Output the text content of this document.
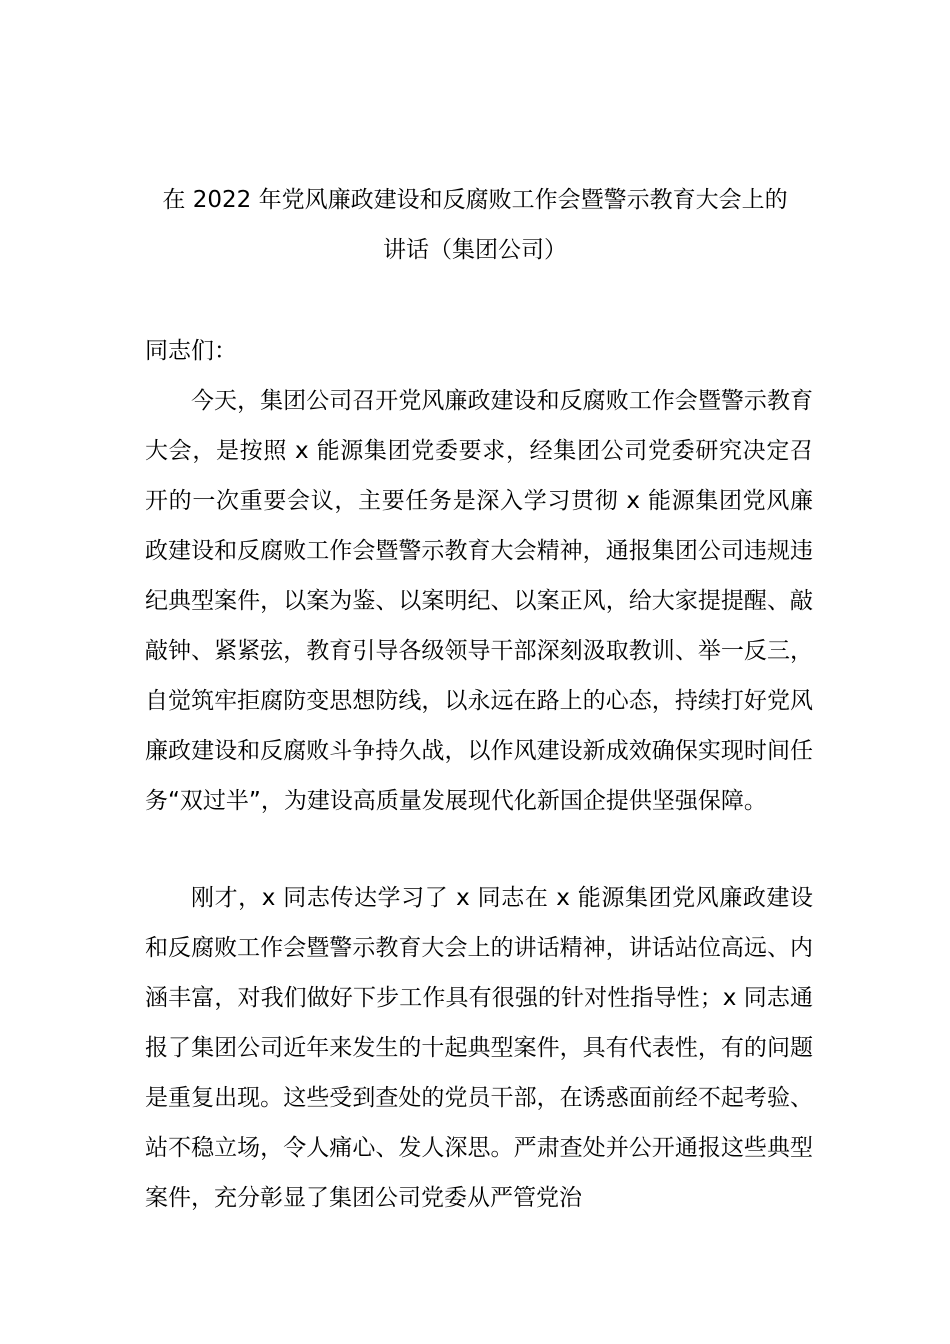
在 2022 年党风廉政建设和反腐败工作会暨警示教育大会上的
讲话（集团公司）
同志们：

今天，集团公司召开党风廉政建设和反腐败工作会暨警示教育大会，是按照 x 能源集团党委要求，经集团公司党委研究决定召开的一次重要会议，主要任务是深入学习贯彻 x 能源集团党风廉政建设和反腐败工作会暨警示教育大会精神，通报集团公司违规违纪典型案件，以案为鉴、以案明纪、以案正风，给大家提提醒、敲敲钟、紧紧弦，教育引导各级领导干部深刻汲取教训、举一反三，自觉筑牢拒腐防变思想防线，以永远在路上的心态，持续打好党风廉政建设和反腐败斗争持久战，以作风建设新成效确保实现时间任务“双过半”，为建设高质量发展现代化新国企提供坚强保障。

刚才，x 同志传达学习了 x 同志在 x 能源集团党风廉政建设和反腐败工作会暨警示教育大会上的讲话精神，讲话站位高远、内涵丰富，对我们做好下步工作具有很强的针对性指导性；x 同志通报了集团公司近年来发生的十起典型案件，具有代表性，有的问题是重复出现。这些受到查处的党员干部，在诱惑面前经不起考验、站不稳立场，令人痛心、发人深思。严肃查处并公开通报这些典型案件，充分彰显了集团公司党委从严管党治
